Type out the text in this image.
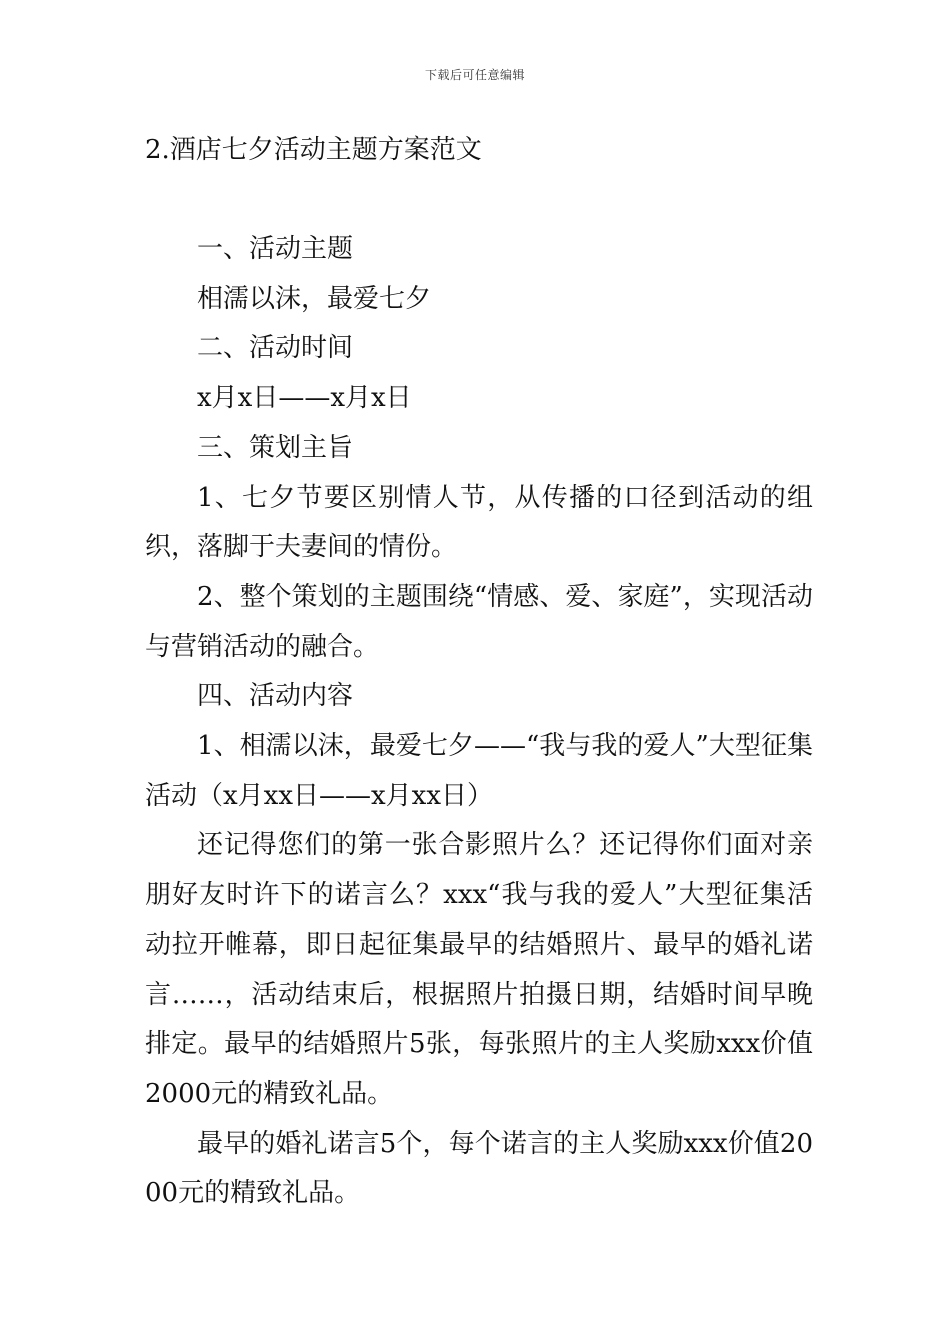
下载后可任意编辑
2.酒店七夕活动主题方案范文

一、活动主题

相濡以沫，最爱七夕

二、活动时间

x月x日——x月x日

三、策划主旨

1、七夕节要区别情人节，从传播的口径到活动的组织，落脚于夫妻间的情份。

2、整个策划的主题围绕“情感、爱、家庭”，实现活动与营销活动的融合。

四、活动内容

1、相濡以沫，最爱七夕——“我与我的爱人”大型征集活动（x月xx日——x月xx日）

还记得您们的第一张合影照片么？还记得你们面对亲朋好友时许下的诺言么？xxx“我与我的爱人”大型征集活动拉开帷幕，即日起征集最早的结婚照片、最早的婚礼诺言……，活动结束后，根据照片拍摄日期，结婚时间早晚排定。最早的结婚照片5张，每张照片的主人奖励xxx价值2000元的精致礼品。

最早的婚礼诺言5个，每个诺言的主人奖励xxx价值2000元的精致礼品。
